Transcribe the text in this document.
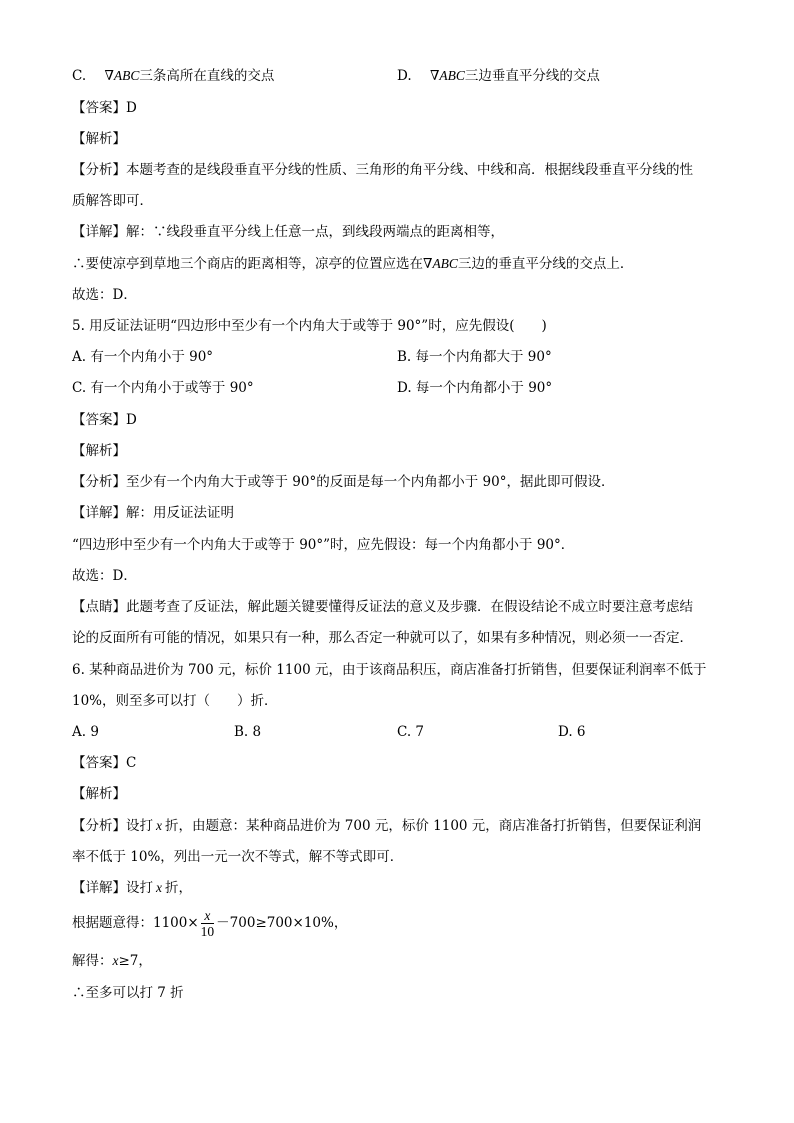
C. ∇ABC三条高所在直线的交点	D. ∇ABC三边垂直平分线的交点
【答案】D
【解析】
【分析】本题考查的是线段垂直平分线的性质、三角形的角平分线、中线和高．根据线段垂直平分线的性
质解答即可．
【详解】解：∵线段垂直平分线上任意一点，到线段两端点的距离相等，
∴要使凉亭到草地三个商店的距离相等，凉亭的位置应选在∇ABC三边的垂直平分线的交点上．
故选：D．
5. 用反证法证明“四边形中至少有一个内角大于或等于 90°”时，应先假设(　　)
A. 有一个内角小于 90°	B. 每一个内角都大于 90°
C. 有一个内角小于或等于 90°	D. 每一个内角都小于 90°
【答案】D
【解析】
【分析】至少有一个内角大于或等于 90°的反面是每一个内角都小于 90°，据此即可假设．
【详解】解：用反证法证明
“四边形中至少有一个内角大于或等于 90°”时，应先假设：每一个内角都小于 90°．
故选：D．
【点睛】此题考查了反证法，解此题关键要懂得反证法的意义及步骤．在假设结论不成立时要注意考虑结
论的反面所有可能的情况，如果只有一种，那么否定一种就可以了，如果有多种情况，则必须一一否定．
6. 某种商品进价为 700 元，标价 1100 元，由于该商品积压，商店准备打折销售，但要保证利润率不低于
10%，则至多可以打（　　）折．
A. 9	B. 8	C. 7	D. 6
【答案】C
【解析】
【分析】设打 x 折，由题意：某种商品进价为 700 元，标价 1100 元，商店准备打折销售，但要保证利润
率不低于 10%，列出一元一次不等式，解不等式即可．
【详解】设打 x 折，
根据题意得：$1100\times \frac{x}{10} -700\ge 700\times 10\%$，
解得：x≥7，
∴至多可以打 7 折
